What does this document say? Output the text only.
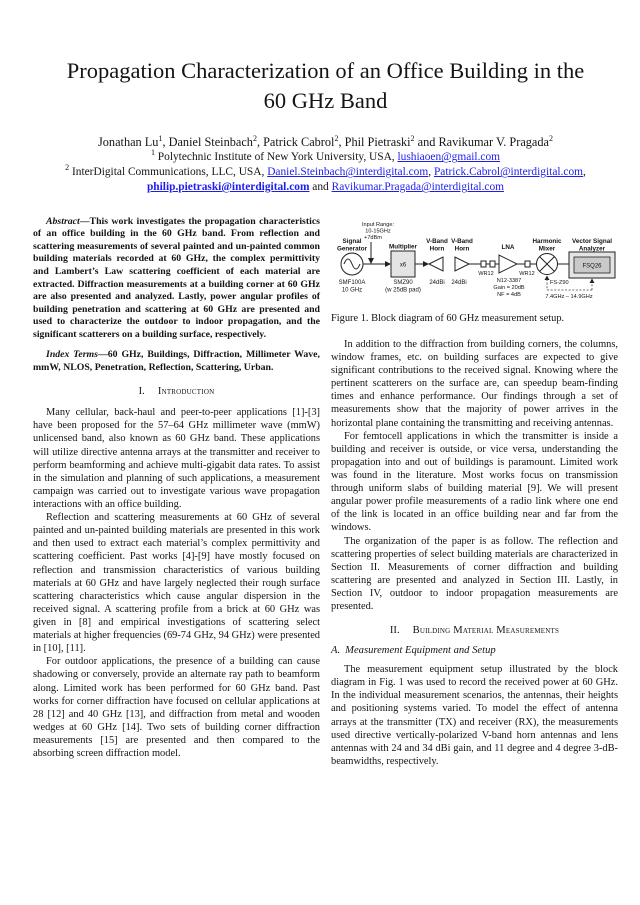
Propagation Characterization of an Office Building in the 60 GHz Band
Jonathan Lu$^1$, Daniel Steinbach$^2$, Patrick Cabrol$^2$, Phil Pietraski$^2$ and Ravikumar V. Pragada$^2$
$^1$ Polytechnic Institute of New York University, USA, lushiaoen@gmail.com
$^2$ InterDigital Communications, LLC, USA, Daniel.Steinbach@interdigital.com, Patrick.Cabrol@interdigital.com,
philip.pietraski@interdigital.com and Ravikumar.Pragada@interdigital.com

Abstract—This work investigates the propagation characteristics of an office building in the 60 GHz band. From reflection and scattering measurements of several painted and un-painted common building materials recorded at 60 GHz, the complex permittivity and Lambert’s Law scattering coefficient of each material are extracted. Diffraction measurements at a building corner at 60 GHz are also presented and analyzed. Lastly, power angular profiles of building penetration and scattering at 60 GHz are presented and used to characterize the outdoor to indoor propagation, and the significant scatterers on a building surface, respectively.

Index Terms—60 GHz, Buildings, Diffraction, Millimeter Wave, mmW, NLOS, Penetration, Reflection, Scattering, Urban.

I. Introduction

Many cellular, back-haul and peer-to-peer applications [1]-[3] have been proposed for the 57–64 GHz millimeter wave (mmW) unlicensed band, also known as 60 GHz band. These applications will utilize directive antenna arrays at the transmitter and receiver to perform beamforming and achieve multi-gigabit data rates. To assist in the simulation and planning of such applications, a measurement campaign was carried out to investigate various wave propagation interactions with an office building.

Reflection and scattering measurements at 60 GHz of several painted and un-painted building materials are presented in this work and then used to extract each material’s complex permittivity and scattering coefficient. Past works [4]-[9] have mostly focused on reflection and transmission characteristics of various building materials at 60 GHz and have largely neglected their rough surface scattering characteristics which cause angular dispersion in the received signal. A scattering profile from a brick at 60 GHz was given in [8] and empirical investigations of scattering select materials at higher frequencies (69-74 GHz, 94 GHz) were presented in [10], [11].

For outdoor applications, the presence of a building can cause shadowing or conversely, provide an alternate ray path to beamform along. Limited work has been performed for 60 GHz band. Past works for corner diffraction have focused on cellular applications at 28 [12] and 40 GHz [13], and diffraction from metal and wooden wedges at 60 GHz [14]. Two sets of building corner diffraction measurements [15] are presented and then compared to the absorbing screen diffraction model.

Input Range:
10-15GHz
+7dBm
Signal
Generator
SMF100A
10 GHz
Multiplier
x6
SMZ90
(w 25dB pad)
V-Band
Horn
24dBi
V-Band
Horn
24dBi
WR12
LNA
N12-3387
Gain = 20dB
NF = 4dB
WR12
Harmonic
Mixer
Vector Signal
Analyzer
FSQ26
FS-Z90
7.4GHz – 14.9GHz
Figure 1. Block diagram of 60 GHz measurement setup.

In addition to the diffraction from building corners, the columns, window frames, etc. on building surfaces are expected to give significant contributions to the received signal. Knowing where the pertinent scatterers on the surface are, can speedup beam-finding times and enhance performance. Our findings through a set of measurements show that the majority of power arrives in the horizontal plane containing the transmitting and receiving antennas.

For femtocell applications in which the transmitter is inside a building and receiver is outside, or vice versa, understanding the propagation into and out of buildings is paramount. Limited work was found in the literature. Most works focus on transmission through uniform slabs of building material [9]. We will present angular power profile measurements of a radio link where one end of the link is located in an office building near and far from the windows.

The organization of the paper is as follow. The reflection and scattering properties of select building materials are characterized in Section II. Measurements of corner diffraction and building scattering are presented and analyzed in Section III. Lastly, in Section IV, outdoor to indoor propagation measurements are presented.

II. Building Material Measurements
A. Measurement Equipment and Setup

The measurement equipment setup illustrated by the block diagram in Fig. 1 was used to record the received power at 60 GHz. In the individual measurement scenarios, the antennas, their heights and positioning systems varied. To model the effect of antenna arrays at the transmitter (TX) and receiver (RX), the measurements used directive vertically-polarized V-band horn antennas and lens antennas with 24 and 34 dBi gain, and 11 degree and 4 degree 3-dB-beamwidths, respectively.
